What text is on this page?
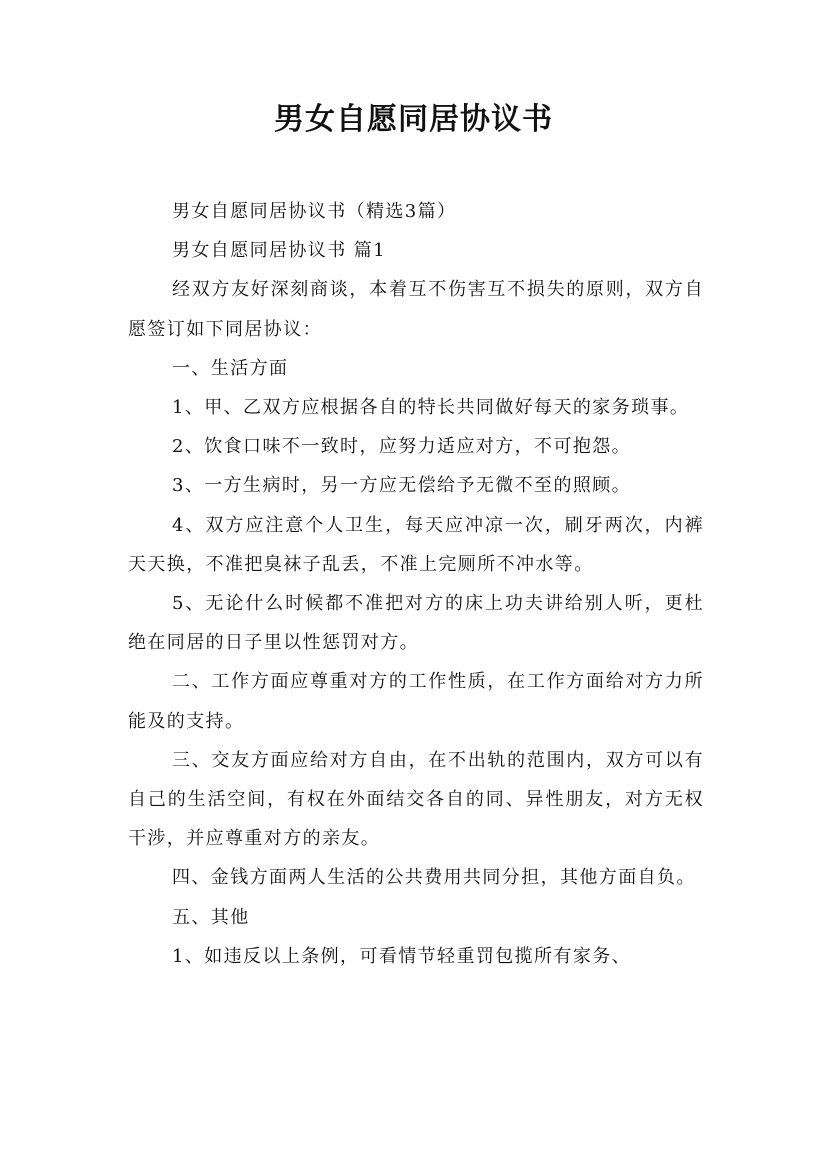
男女自愿同居协议书

男女自愿同居协议书（精选3篇）

男女自愿同居协议书 篇1

经双方友好深刻商谈，本着互不伤害互不损失的原则，双方自愿签订如下同居协议：

一、生活方面

1、甲、乙双方应根据各自的特长共同做好每天的家务琐事。

2、饮食口味不一致时，应努力适应对方，不可抱怨。

3、一方生病时，另一方应无偿给予无微不至的照顾。

4、双方应注意个人卫生，每天应冲凉一次，刷牙两次，内裤天天换，不准把臭袜子乱丢，不准上完厕所不冲水等。

5、无论什么时候都不准把对方的床上功夫讲给别人听，更杜绝在同居的日子里以性惩罚对方。

二、工作方面应尊重对方的工作性质，在工作方面给对方力所能及的支持。

三、交友方面应给对方自由，在不出轨的范围内，双方可以有自己的生活空间，有权在外面结交各自的同、异性朋友，对方无权干涉，并应尊重对方的亲友。

四、金钱方面两人生活的公共费用共同分担，其他方面自负。

五、其他

1、如违反以上条例，可看情节轻重罚包揽所有家务、
